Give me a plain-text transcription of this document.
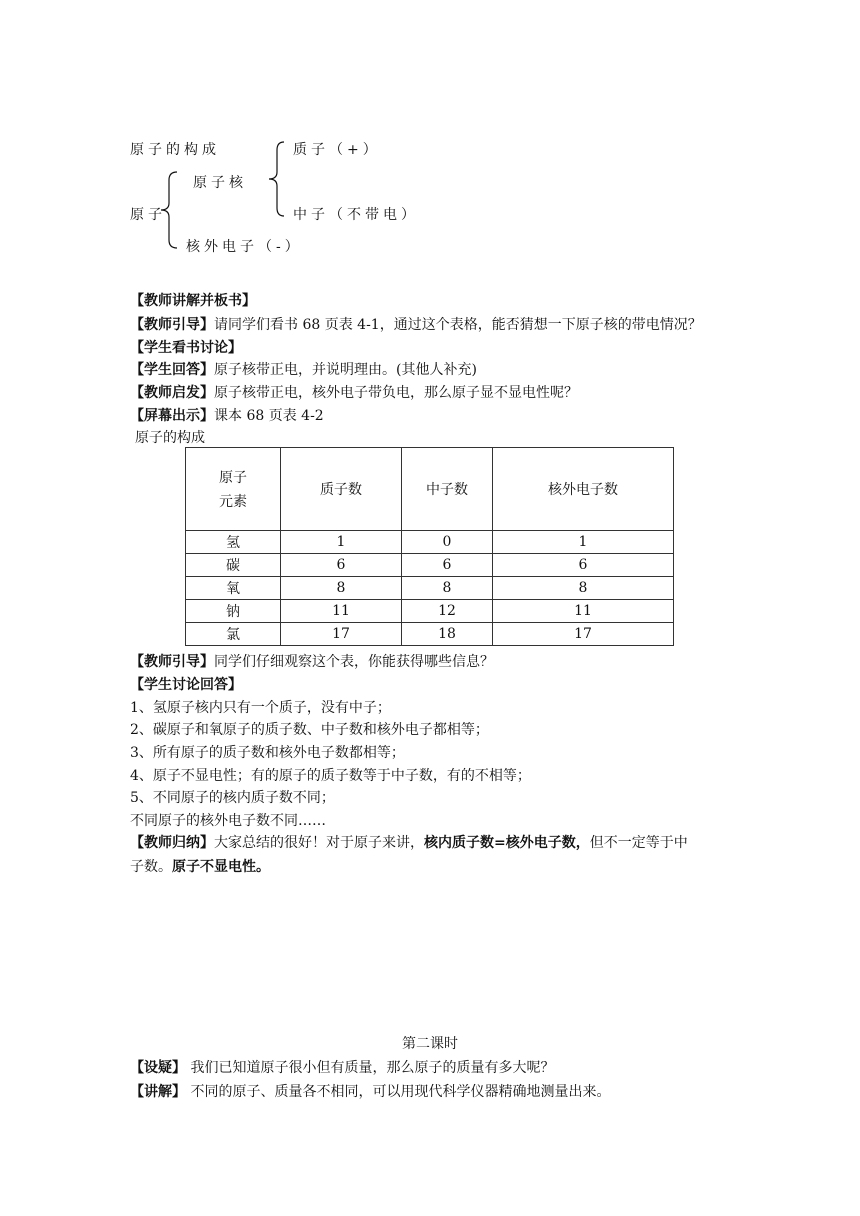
原子的构成	质子（+）
原子核
原子	中子（不带电）
核外电子（-）
【教师讲解并板书】
【教师引导】请同学们看书 68 页表 4-1，通过这个表格，能否猜想一下原子核的带电情况？
【学生看书讨论】
【学生回答】原子核带正电，并说明理由。(其他人补充)
【教师启发】原子核带正电，核外电子带负电，那么原子显不显电性呢？
【屏幕出示】课本 68 页表 4-2
原子的构成
原子
元素	质子数	中子数	核外电子数
氢	1	0	1
碳	6	6	6
氧	8	8	8
钠	11	12	11
氯	17	18	17
【教师引导】同学们仔细观察这个表，你能获得哪些信息？
【学生讨论回答】
1、氢原子核内只有一个质子，没有中子；
2、碳原子和氧原子的质子数、中子数和核外电子都相等；
3、所有原子的质子数和核外电子数都相等；
4、原子不显电性；有的原子的质子数等于中子数，有的不相等；
5、不同原子的核内质子数不同；
不同原子的核外电子数不同……
【教师归纳】大家总结的很好！对于原子来讲，核内质子数=核外电子数，但不一定等于中
子数。原子不显电性。
第二课时
【设疑】 我们已知道原子很小但有质量，那么原子的质量有多大呢？
【讲解】 不同的原子、质量各不相同，可以用现代科学仪器精确地测量出来。
